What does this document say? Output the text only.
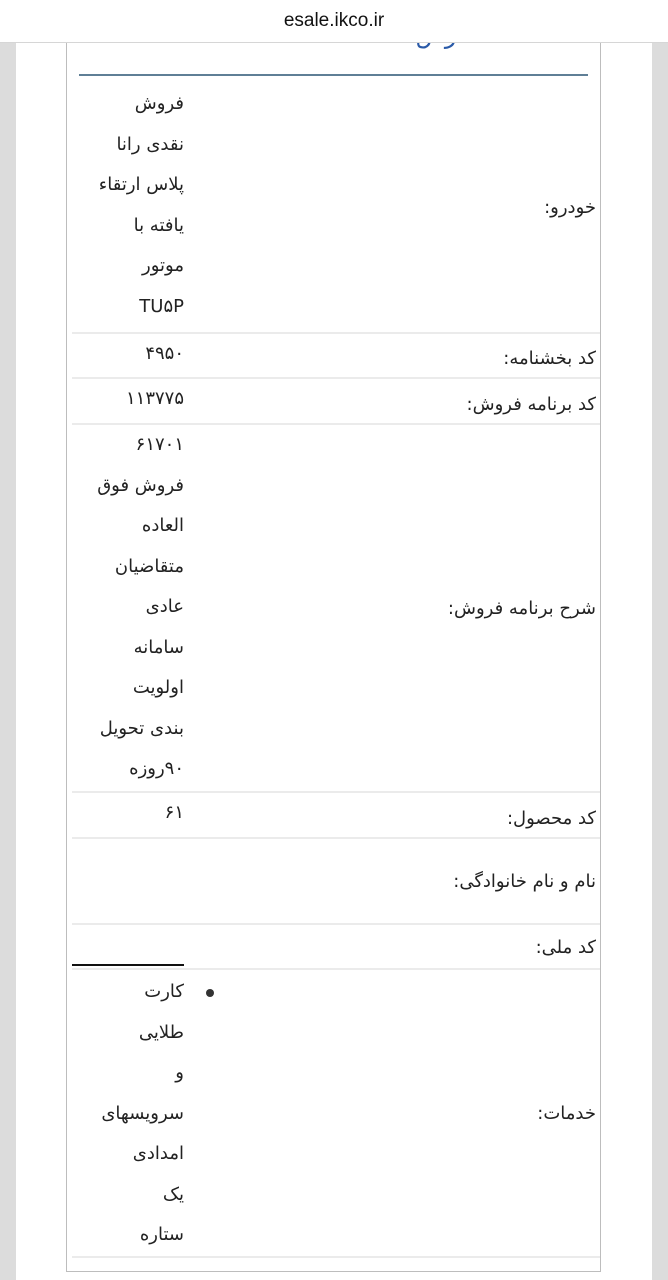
esale.ikco.ir
خودرو:
فروش
نقدی رانا
پلاس ارتقاء
یافته با
موتور
TU۵P
کد بخشنامه:
۴۹۵۰
کد برنامه فروش:
۱۱۳۷۷۵
شرح برنامه فروش:
۶۱۷۰۱
فروش فوق
العاده
متقاضیان
عادی
سامانه
اولویت
بندی تحویل
۹۰روزه
کد محصول:
۶۱
نام و نام خانوادگی:
کد ملی:
خدمات:
کارت
طلایی
و
سرویسهای
امدادی
یک
ستاره
